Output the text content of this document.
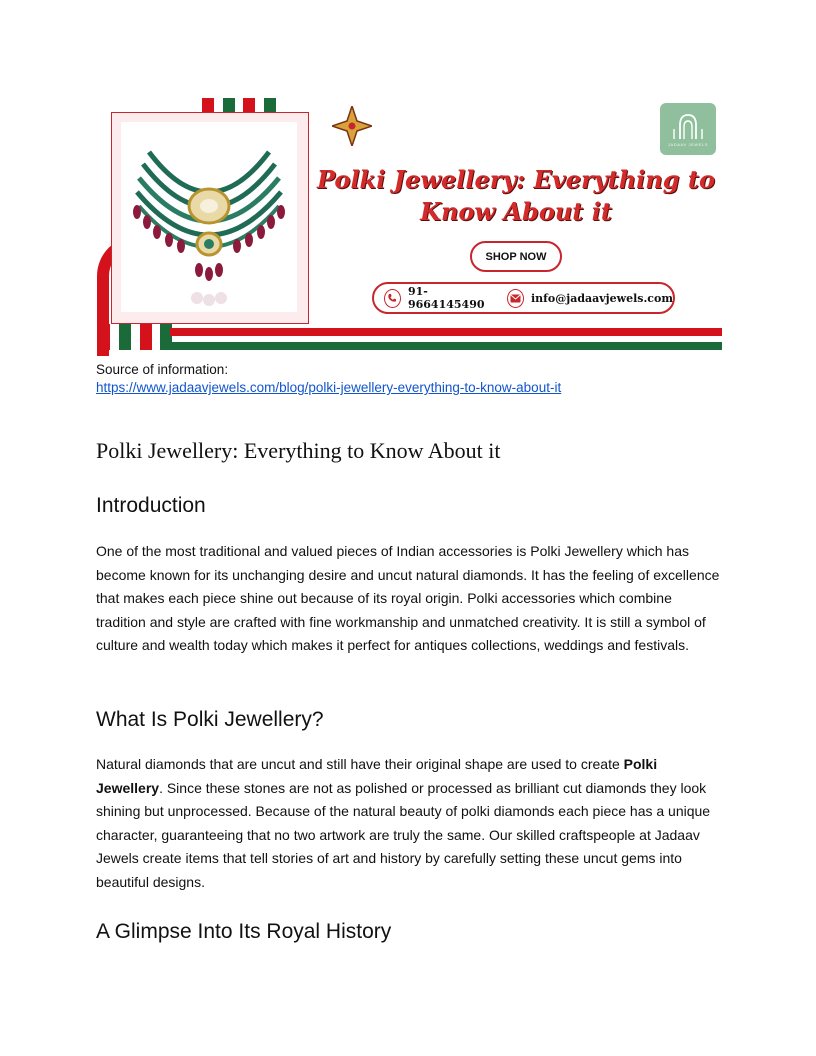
JADAAV JEWELS
Polki Jewellery: Everything to
Know About it
SHOP NOW
91-9664145490	info@jadaavjewels.com
Source of information:
https://www.jadaavjewels.com/blog/polki-jewellery-everything-to-know-about-it
Polki Jewellery: Everything to Know About it
Introduction

One of the most traditional and valued pieces of Indian accessories is Polki Jewellery which has become known for its unchanging desire and uncut natural diamonds. It has the feeling of excellence that makes each piece shine out because of its royal origin. Polki accessories which combine tradition and style are crafted with fine workmanship and unmatched creativity. It is still a symbol of culture and wealth today which makes it perfect for antiques collections, weddings and festivals.

What Is Polki Jewellery?

Natural diamonds that are uncut and still have their original shape are used to create Polki Jewellery. Since these stones are not as polished or processed as brilliant cut diamonds they look shining but unprocessed. Because of the natural beauty of polki diamonds each piece has a unique character, guaranteeing that no two artwork are truly the same. Our skilled craftspeople at Jadaav Jewels create items that tell stories of art and history by carefully setting these uncut gems into beautiful designs.

A Glimpse Into Its Royal History
